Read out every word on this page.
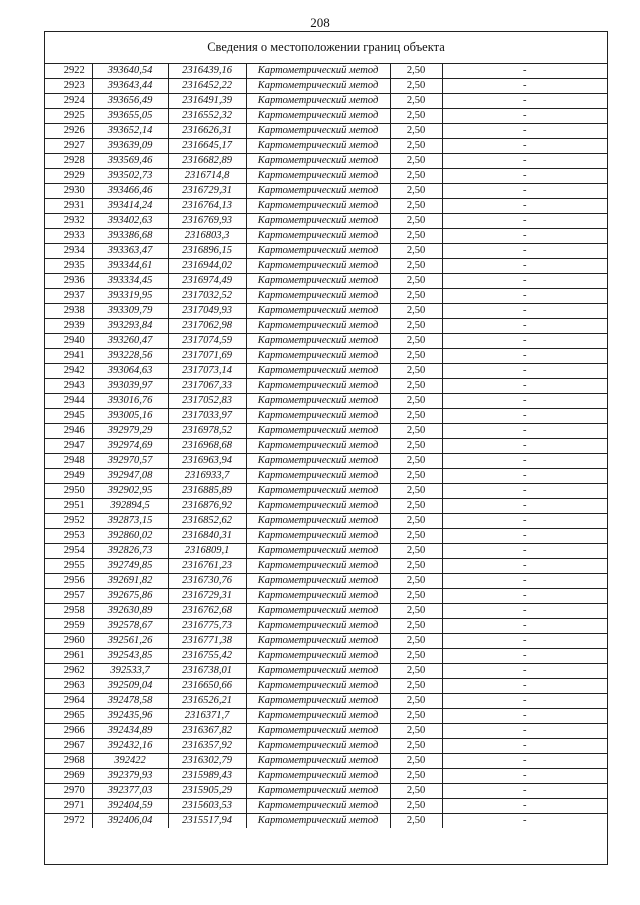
208
Сведения о местоположении границ объекта
2922	393640,54	2316439,16	Картометрический метод	2,50	-
2923	393643,44	2316452,22	Картометрический метод	2,50	-
2924	393656,49	2316491,39	Картометрический метод	2,50	-
2925	393655,05	2316552,32	Картометрический метод	2,50	-
2926	393652,14	2316626,31	Картометрический метод	2,50	-
2927	393639,09	2316645,17	Картометрический метод	2,50	-
2928	393569,46	2316682,89	Картометрический метод	2,50	-
2929	393502,73	2316714,8	Картометрический метод	2,50	-
2930	393466,46	2316729,31	Картометрический метод	2,50	-
2931	393414,24	2316764,13	Картометрический метод	2,50	-
2932	393402,63	2316769,93	Картометрический метод	2,50	-
2933	393386,68	2316803,3	Картометрический метод	2,50	-
2934	393363,47	2316896,15	Картометрический метод	2,50	-
2935	393344,61	2316944,02	Картометрический метод	2,50	-
2936	393334,45	2316974,49	Картометрический метод	2,50	-
2937	393319,95	2317032,52	Картометрический метод	2,50	-
2938	393309,79	2317049,93	Картометрический метод	2,50	-
2939	393293,84	2317062,98	Картометрический метод	2,50	-
2940	393260,47	2317074,59	Картометрический метод	2,50	-
2941	393228,56	2317071,69	Картометрический метод	2,50	-
2942	393064,63	2317073,14	Картометрический метод	2,50	-
2943	393039,97	2317067,33	Картометрический метод	2,50	-
2944	393016,76	2317052,83	Картометрический метод	2,50	-
2945	393005,16	2317033,97	Картометрический метод	2,50	-
2946	392979,29	2316978,52	Картометрический метод	2,50	-
2947	392974,69	2316968,68	Картометрический метод	2,50	-
2948	392970,57	2316963,94	Картометрический метод	2,50	-
2949	392947,08	2316933,7	Картометрический метод	2,50	-
2950	392902,95	2316885,89	Картометрический метод	2,50	-
2951	392894,5	2316876,92	Картометрический метод	2,50	-
2952	392873,15	2316852,62	Картометрический метод	2,50	-
2953	392860,02	2316840,31	Картометрический метод	2,50	-
2954	392826,73	2316809,1	Картометрический метод	2,50	-
2955	392749,85	2316761,23	Картометрический метод	2,50	-
2956	392691,82	2316730,76	Картометрический метод	2,50	-
2957	392675,86	2316729,31	Картометрический метод	2,50	-
2958	392630,89	2316762,68	Картометрический метод	2,50	-
2959	392578,67	2316775,73	Картометрический метод	2,50	-
2960	392561,26	2316771,38	Картометрический метод	2,50	-
2961	392543,85	2316755,42	Картометрический метод	2,50	-
2962	392533,7	2316738,01	Картометрический метод	2,50	-
2963	392509,04	2316650,66	Картометрический метод	2,50	-
2964	392478,58	2316526,21	Картометрический метод	2,50	-
2965	392435,96	2316371,7	Картометрический метод	2,50	-
2966	392434,89	2316367,82	Картометрический метод	2,50	-
2967	392432,16	2316357,92	Картометрический метод	2,50	-
2968	392422	2316302,79	Картометрический метод	2,50	-
2969	392379,93	2315989,43	Картометрический метод	2,50	-
2970	392377,03	2315905,29	Картометрический метод	2,50	-
2971	392404,59	2315603,53	Картометрический метод	2,50	-
2972	392406,04	2315517,94	Картометрический метод	2,50	-
